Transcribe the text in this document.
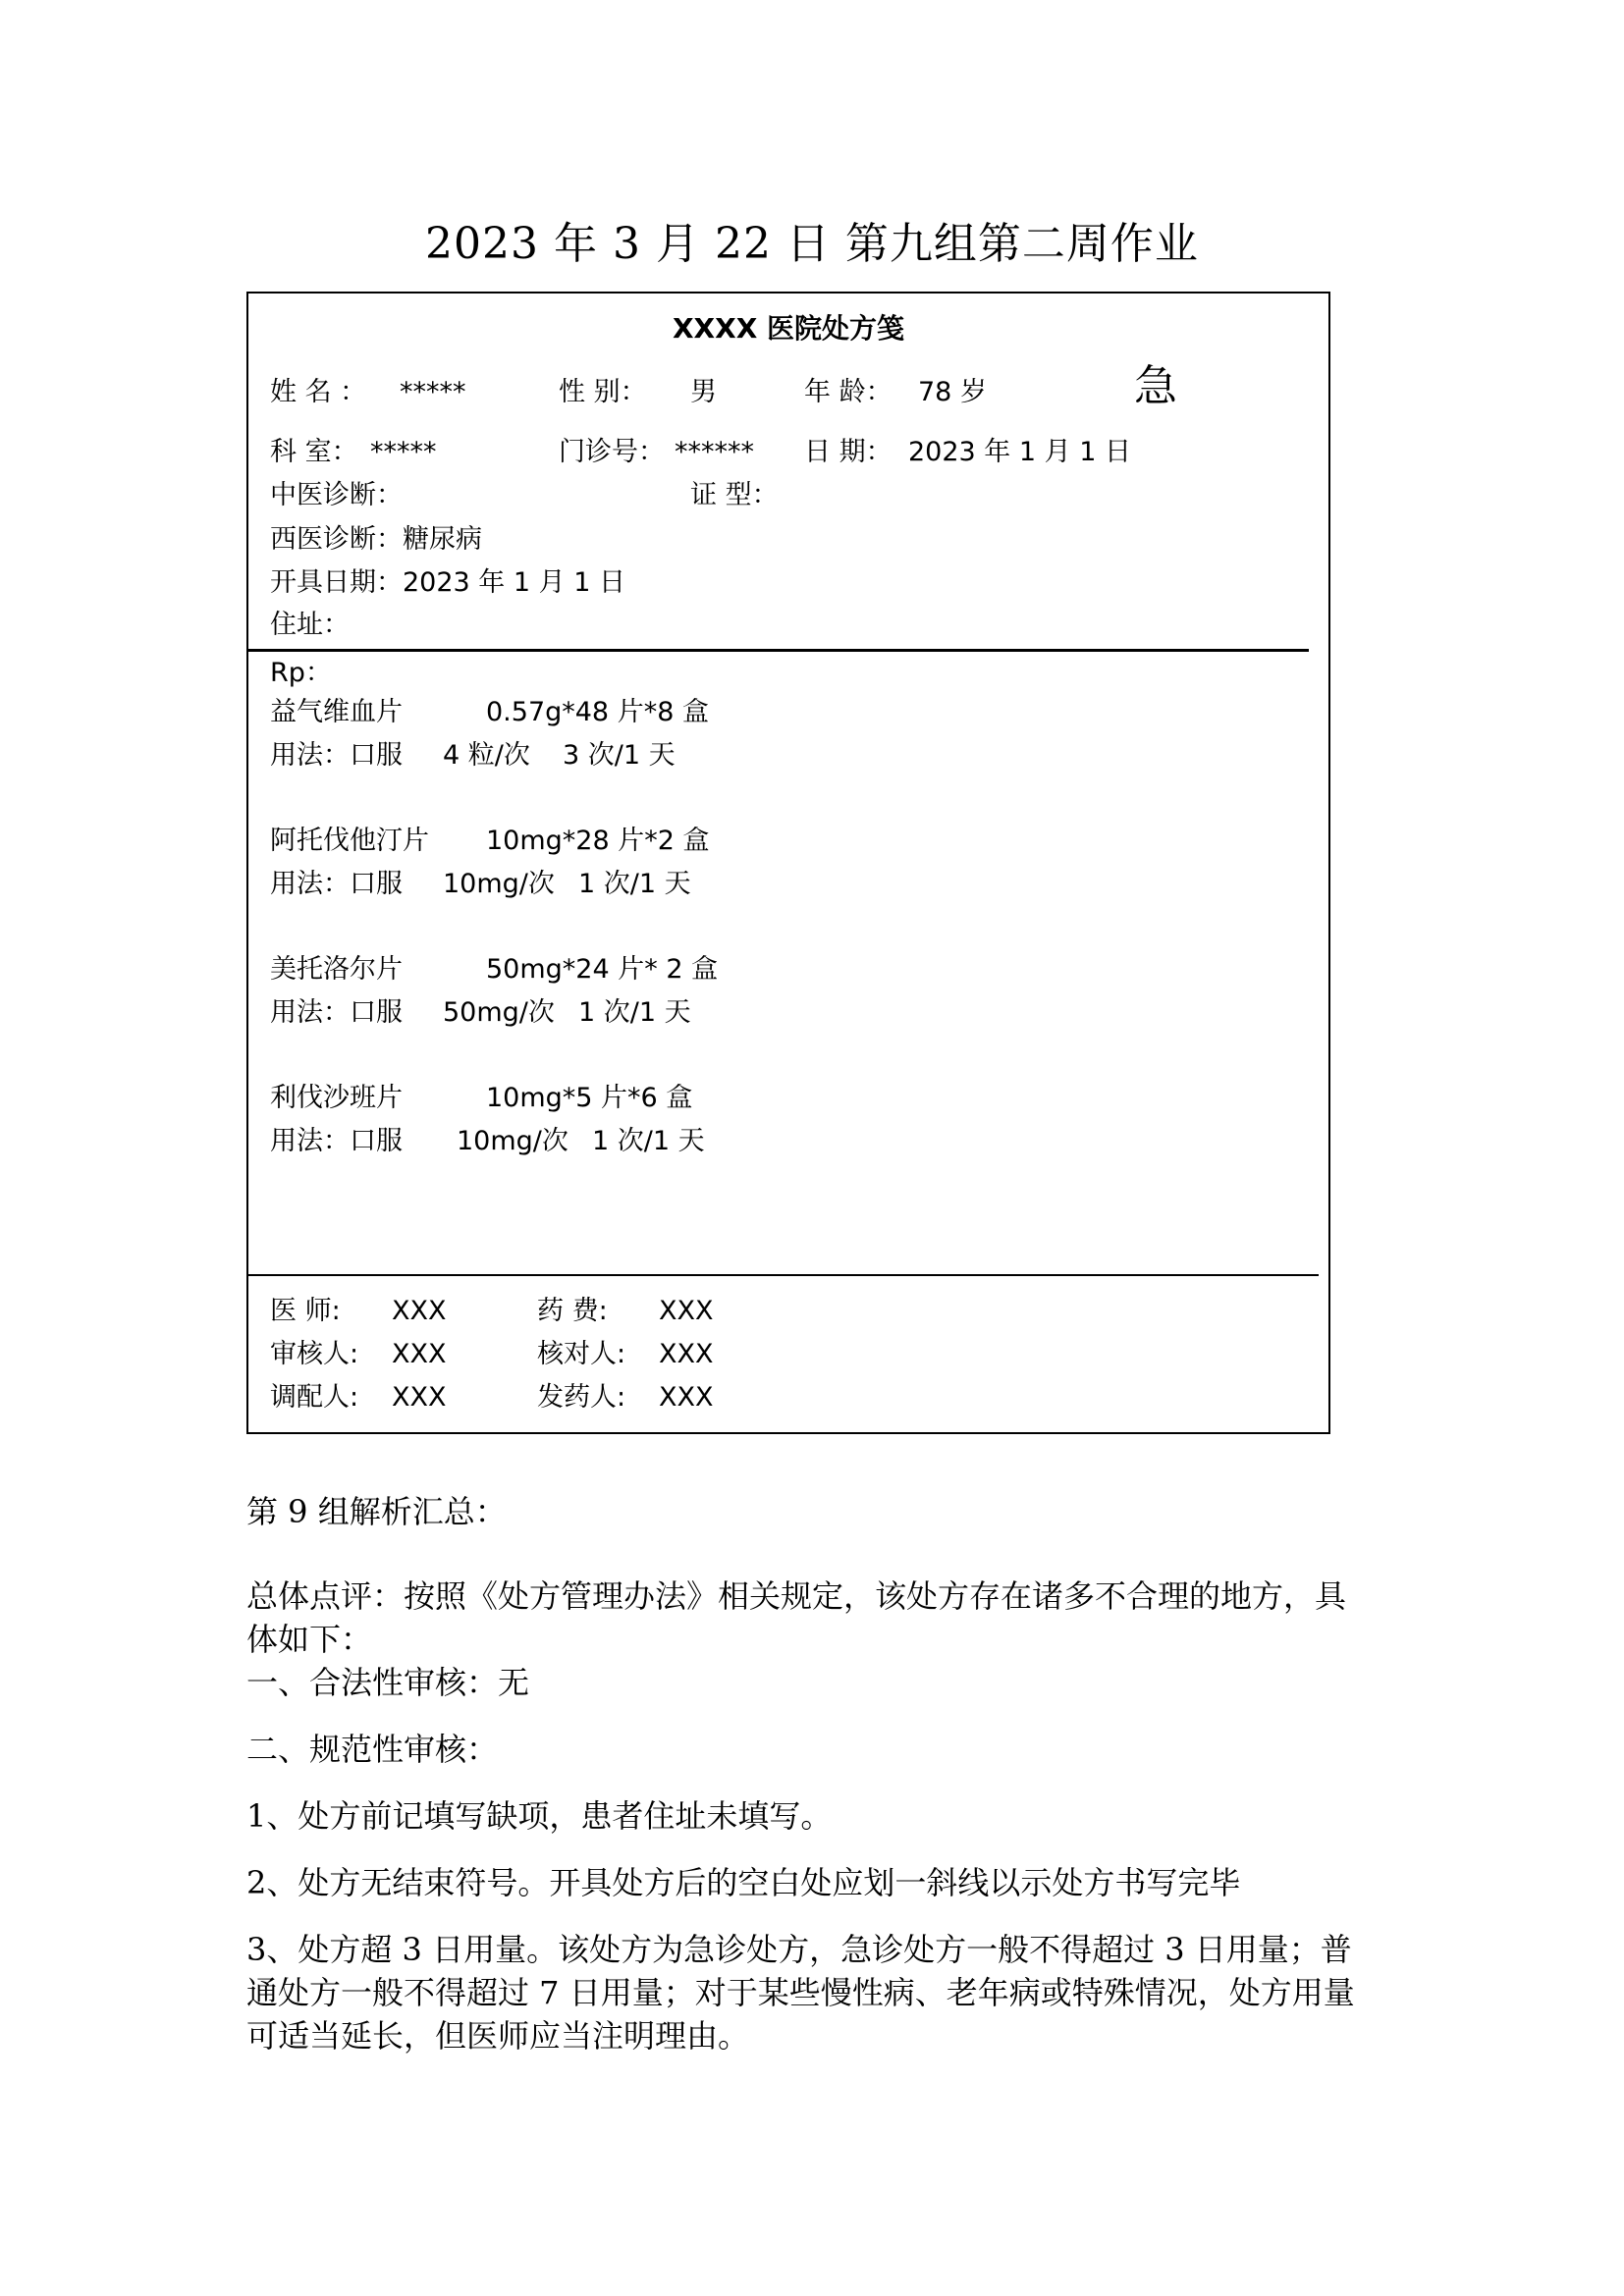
2023 年 3 月 22 日 第九组第二周作业
XXXX 医院处方笺
姓 名 ： *****	性 别： 男	年 龄： 78 岁	急
科 室： *****	门诊号： ****** 日 期： 2023 年 1 月 1 日
中医诊断：	证 型：
西医诊断：糖尿病
开具日期：2023 年 1 月 1 日
住址：
Rp：
益气维血片	0.57g*48 片*8 盒
用法：口服 4 粒/次 3 次/1 天
阿托伐他汀片 10mg*28 片*2 盒
用法：口服 10mg/次 1 次/1 天
美托洛尔片	50mg*24 片* 2 盒
用法：口服 50mg/次 1 次/1 天
利伐沙班片	10mg*5 片*6 盒
用法：口服 10mg/次 1 次/1 天
医 师: XXX	药 费: XXX
审核人: XXX	核对人: XXX
调配人: XXX	发药人: XXX
第 9 组解析汇总：

总体点评：按照《处方管理办法》相关规定，该处方存在诸多不合理的地方，具

体如下：

一、合法性审核：无

二、规范性审核：
1、处方前记填写缺项，患者住址未填写。
2、处方无结束符号。开具处方后的空白处应划一斜线以示处方书写完毕

3、处方超 3 日用量。该处方为急诊处方，急诊处方一般不得超过 3 日用量；普

通处方一般不得超过 7 日用量；对于某些慢性病、老年病或特殊情况，处方用量

可适当延长，但医师应当注明理由。
